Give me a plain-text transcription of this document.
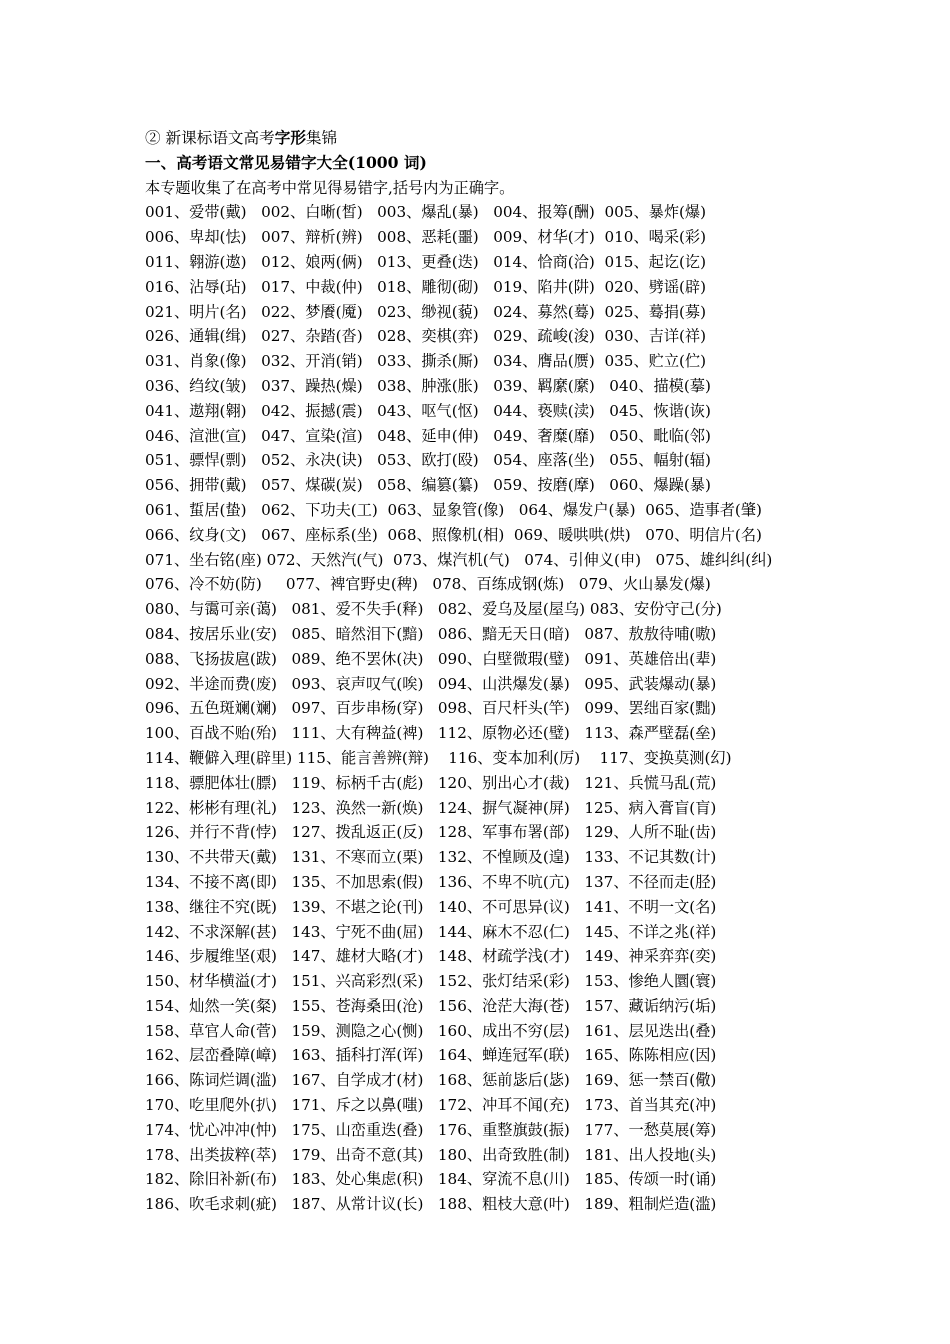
② 新课标语文高考字形集锦
一、高考语文常见易错字大全(1000 词)
本专题收集了在高考中常见得易错字,括号内为正确字。
001、爱带(戴)   002、白晰(皙)   003、爆乱(暴)   004、报筹(酬)  005、暴炸(爆)
006、卑却(怯)   007、辩析(辨)   008、恶耗(噩)   009、材华(才)  010、喝采(彩)
011、翱游(遨)   012、娘两(俩)   013、更叠(迭)   014、恰商(洽)  015、起讫(讫)
016、沾辱(玷)   017、中裁(仲)   018、雕彻(砌)   019、陷井(阱)  020、劈谣(辟)
021、明片(名)   022、梦餍(魇)   023、缈视(藐)   024、募然(蓦)  025、蓦捐(募)
026、通辑(缉)   027、杂踏(沓)   028、奕棋(弈)   029、疏峻(浚)  030、吉详(祥)
031、肖象(像)   032、开消(销)   033、撕杀(厮)   034、膺品(赝)  035、贮立(伫)
036、绉纹(皱)   037、躁热(燥)   038、肿涨(胀)   039、羁縻(縻)   040、描模(摹)
041、遨翔(翱)   042、振撼(震)   043、呕气(怄)   044、亵赎(渎)   045、恢谐(诙)
046、渲泄(宣)   047、宣染(渲)   048、延申(伸)   049、奢糜(靡)   050、毗临(邻)
051、骠悍(剽)   052、永决(诀)   053、欧打(殴)   054、座落(坐)   055、幅射(辐)
056、拥带(戴)   057、煤碳(炭)   058、编篡(纂)   059、按磨(摩)   060、爆躁(暴)
061、蜇居(蛰)   062、下功夫(工)  063、显象管(像)   064、爆发户(暴)  065、造事者(肇)
066、纹身(文)   067、座标系(坐)  068、照像机(相)  069、暖哄哄(烘)   070、明信片(名)
071、坐右铭(座) 072、天然汽(气)  073、煤汽机(气)   074、引伸义(申)   075、雄纠纠(纠)
076、冷不妨(防)     077、裨官野史(稗)   078、百练成钢(炼)   079、火山暴发(爆)
080、与霭可亲(蔼)   081、爱不失手(释)   082、爱乌及屋(屋乌) 083、安份守己(分)
084、按居乐业(安)   085、暗然泪下(黯)   086、黯无天日(暗)   087、敖敖待哺(嗷)
088、飞扬拔扈(跋)   089、绝不罢休(决)   090、白壁微瑕(璧)   091、英雄倍出(辈)
092、半途而费(废)   093、哀声叹气(唉)   094、山洪爆发(暴)   095、武装爆动(暴)
096、五色斑斓(斓)   097、百步串杨(穿)   098、百尺杆头(竿)   099、罢绌百家(黜)
100、百战不贻(殆)   111、大有稗益(裨)   112、原物必还(璧)   113、森严壁磊(垒)
114、鞭僻入理(辟里) 115、能言善辨(辩)    116、变本加利(厉)    117、变换莫测(幻)
118、骠肥体壮(膘)   119、标柄千古(彪)   120、别出心才(裁)   121、兵慌马乱(荒)
122、彬彬有理(礼)   123、涣然一新(焕)   124、摒气凝神(屏)   125、病入膏盲(肓)
126、并行不背(悖)   127、拨乱返正(反)   128、军事布署(部)   129、人所不耻(齿)
130、不共带天(戴)   131、不寒而立(栗)   132、不惶顾及(遑)   133、不记其数(计)
134、不接不离(即)   135、不加思索(假)   136、不卑不吭(亢)   137、不径而走(胫)
138、继往不究(既)   139、不堪之论(刊)   140、不可思异(议)   141、不明一文(名)
142、不求深解(甚)   143、宁死不曲(屈)   144、麻木不忍(仁)   145、不详之兆(祥)
146、步履维坚(艰)   147、雄材大略(才)   148、材疏学浅(才)   149、神采弈弈(奕)
150、材华横溢(才)   151、兴高彩烈(采)   152、张灯结采(彩)   153、惨绝人圜(寰)
154、灿然一笑(粲)   155、苍海桑田(沧)   156、沧茫大海(苍)   157、藏诟纳污(垢)
158、草官人命(菅)   159、测隐之心(恻)   160、成出不穷(层)   161、层见迭出(叠)
162、层峦叠障(嶂)   163、插科打浑(诨)   164、蝉连冠军(联)   165、陈陈相应(因)
166、陈词烂调(滥)   167、自学成才(材)   168、惩前毖后(毖)   169、惩一禁百(儆)
170、吃里爬外(扒)   171、斥之以鼻(嗤)   172、冲耳不闻(充)   173、首当其充(冲)
174、忧心冲冲(忡)   175、山峦重迭(叠)   176、重整旗鼓(振)   177、一愁莫展(筹)
178、出类拔粹(萃)   179、出奇不意(其)   180、出奇致胜(制)   181、出人投地(头)
182、除旧补新(布)   183、处心集虑(积)   184、穿流不息(川)   185、传颂一时(诵)
186、吹毛求刺(疵)   187、从常计议(长)   188、粗枝大意(叶)   189、粗制烂造(滥)
